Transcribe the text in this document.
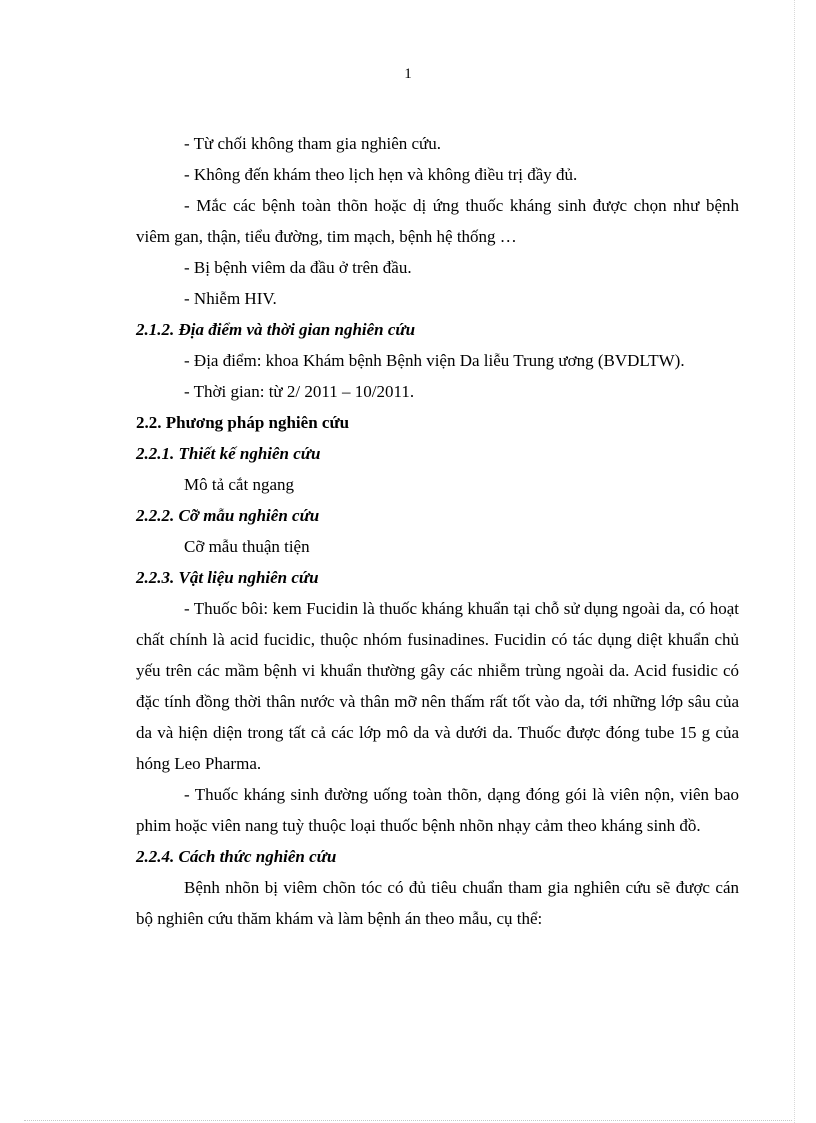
1

- Từ chối không tham gia nghiên cứu.

- Không đến khám theo lịch hẹn và không điều trị đầy đủ.

- Mắc các bệnh toàn thõn hoặc dị ứng thuốc kháng sinh được chọn như bệnh viêm gan, thận, tiểu đường, tim mạch, bệnh hệ thống …

- Bị bệnh viêm da đầu ở trên đầu.

- Nhiễm HIV.

2.1.2. Địa điểm và thời gian nghiên cứu

- Địa điểm: khoa Khám bệnh Bệnh viện Da liễu Trung ương (BVDLTW).

- Thời gian: từ 2/ 2011 – 10/2011.

2.2. Phương pháp nghiên cứu

2.2.1. Thiết kế nghiên cứu

Mô tả cắt ngang

2.2.2. Cỡ mẫu nghiên cứu

Cỡ mẫu thuận tiện

2.2.3. Vật liệu nghiên cứu

- Thuốc bôi: kem Fucidin là thuốc kháng khuẩn tại chỗ sử dụng ngoài da, có hoạt chất chính là acid fucidic, thuộc nhóm fusinadines. Fucidin có tác dụng diệt khuẩn chủ yếu trên các mầm bệnh vi khuẩn thường gây các nhiễm trùng ngoài da. Acid fusidic có đặc tính đồng thời thân nước và thân mỡ nên thấm rất tốt vào da, tới những lớp sâu của da và hiện diện trong tất cả các lớp mô da và dưới da. Thuốc được đóng tube 15 g của hóng Leo Pharma.

- Thuốc kháng sinh đường uống toàn thõn, dạng đóng gói là viên nộn, viên bao phim hoặc viên nang tuỳ thuộc loại thuốc bệnh nhõn nhạy cảm theo kháng sinh đồ.

2.2.4. Cách thức nghiên cứu

Bệnh nhõn bị viêm chõn tóc có đủ tiêu chuẩn tham gia nghiên cứu sẽ được cán bộ nghiên cứu thăm khám và làm bệnh án theo mẫu, cụ thể:
